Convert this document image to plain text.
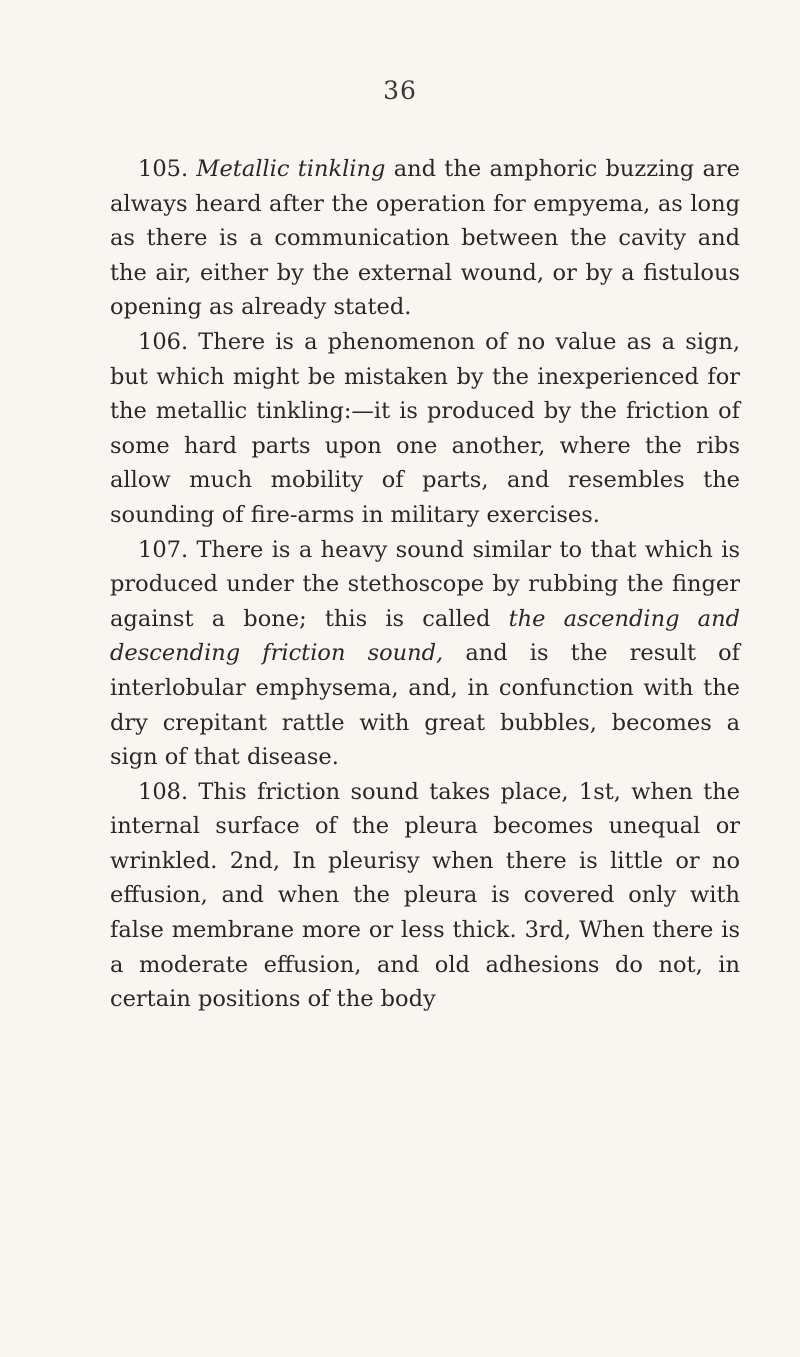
36

105. Metallic tinkling and the amphoric buzzing are always heard after the operation for empyema, as long as there is a communication between the cavity and the air, either by the external wound, or by a fistulous opening as already stated.

106. There is a phenomenon of no value as a sign, but which might be mistaken by the inexperienced for the metallic tinkling:—it is produced by the friction of some hard parts upon one another, where the ribs allow much mobility of parts, and resembles the sounding of fire-arms in military exercises.

107. There is a heavy sound similar to that which is produced under the stethoscope by rubbing the finger against a bone; this is called the ascending and descending friction sound, and is the result of interlobular emphysema, and, in confunction with the dry crepitant rattle with great bubbles, becomes a sign of that disease.

108. This friction sound takes place, 1st, when the internal surface of the pleura becomes unequal or wrinkled. 2nd, In pleurisy when there is little or no effusion, and when the pleura is covered only with false membrane more or less thick. 3rd, When there is a moderate effusion, and old adhesions do not, in certain positions of the body
